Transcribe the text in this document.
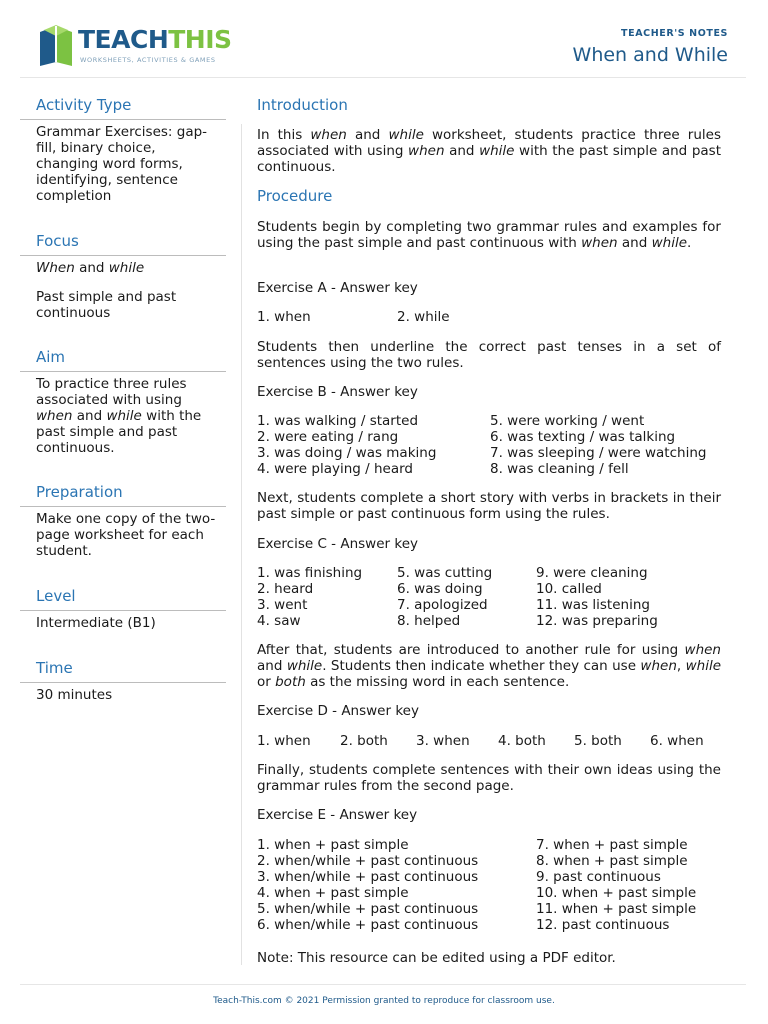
TEACHTHIS
WORKSHEETS, ACTIVITIES & GAMES
TEACHER'S NOTES
When and While
Activity Type
Grammar Exercises: gap-fill, binary choice, changing word forms, identifying, sentence completion
Focus
When and while
Past simple and past continuous
Aim
To practice three rules associated with using when and while with the past simple and past continuous.
Preparation
Make one copy of the two-page worksheet for each student.
Level
Intermediate (B1)
Time
30 minutes
Introduction
In this when and while worksheet, students practice three rules associated with using when and while with the past simple and past continuous.
Procedure
Students begin by completing two grammar rules and examples for using the past simple and past continuous with when and while.
Exercise A - Answer key
1. when	2. while
Students then underline the correct past tenses in a set of sentences using the two rules.
Exercise B - Answer key
1. was walking / started
2. were eating / rang
3. was doing / was making
4. were playing / heard
5. were working / went
6. was texting / was talking
7. was sleeping / were watching
8. was cleaning / fell
Next, students complete a short story with verbs in brackets in their past simple or past continuous form using the rules.
Exercise C - Answer key
1. was finishing
2. heard
3. went
4. saw
5. was cutting
6. was doing
7. apologized
8. helped
9. were cleaning
10. called
11. was listening
12. was preparing
After that, students are introduced to another rule for using when and while. Students then indicate whether they can use when, while or both as the missing word in each sentence.
Exercise D - Answer key
1. when 2. both 3. when 4. both 5. both 6. when
Finally, students complete sentences with their own ideas using the grammar rules from the second page.
Exercise E - Answer key
1. when + past simple
2. when/while + past continuous
3. when/while + past continuous
4. when + past simple
5. when/while + past continuous
6. when/while + past continuous
7. when + past simple
8. when + past simple
9. past continuous
10. when + past simple
11. when + past simple
12. past continuous
Note: This resource can be edited using a PDF editor.
Teach-This.com © 2021 Permission granted to reproduce for classroom use.
